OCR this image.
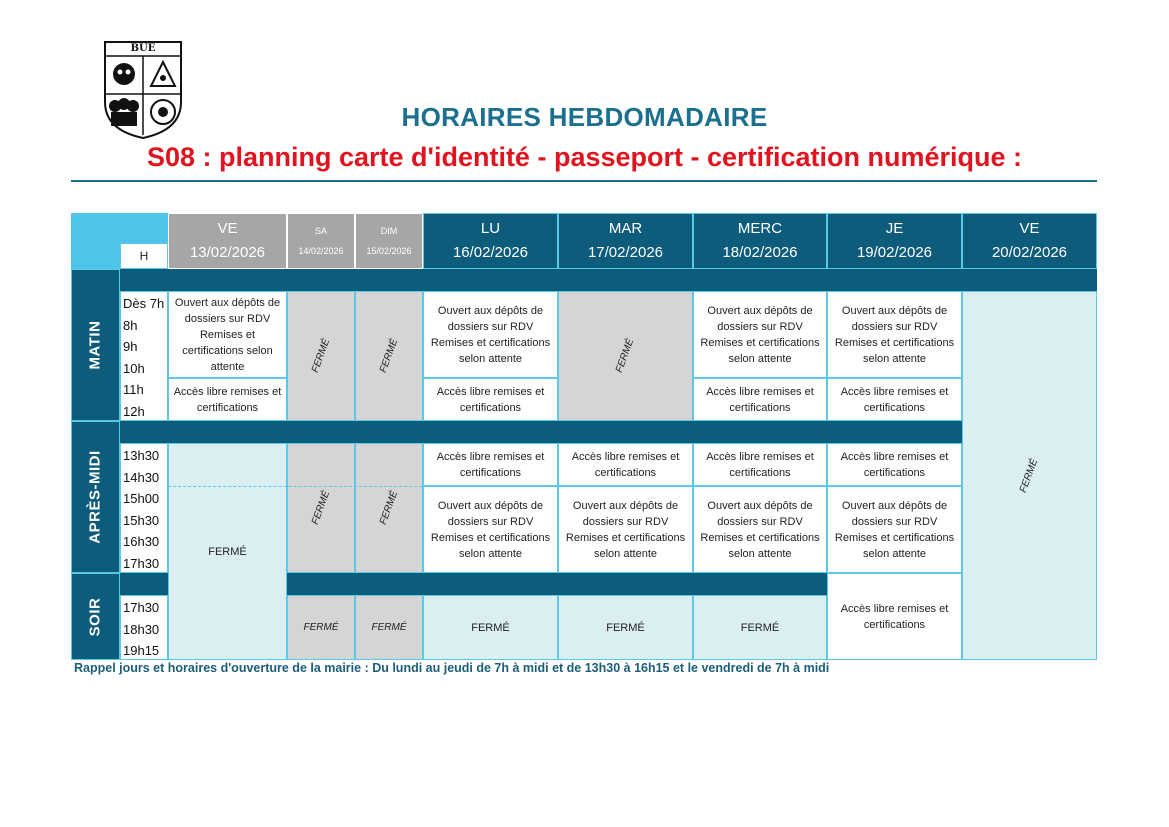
BUÉ
HORAIRES HEBDOMADAIRE
S08 : planning carte d'identité - passeport - certification numérique :
H
VE
13/02/2026
SA
14/02/2026
DIM
15/02/2026
LU
16/02/2026
MAR
17/02/2026
MERC
18/02/2026
JE
19/02/2026
VE
20/02/2026
MATIN
APRÈS-MIDI
SOIR
Dès 7h
8h
9h
10h
11h
12h
13h30
14h30
15h00
15h30
16h30
17h30
17h30
18h30
19h15
Ouvert aux dépôts de dossiers sur RDV
Remises et certifications selon attente
Accès libre remises et certifications
FERMÉ
FERMÉ
FERMÉ
FERMÉ
FERMÉ
FERMÉ
FERMÉ
Ouvert aux dépôts de dossiers sur RDV
Remises et certifications selon attente
Accès libre remises et certifications
Accès libre remises et certifications
Ouvert aux dépôts de dossiers sur RDV
Remises et certifications selon attente
FERMÉ
FERMÉ
Accès libre remises et certifications
Ouvert aux dépôts de dossiers sur RDV
Remises et certifications selon attente
FERMÉ
Ouvert aux dépôts de dossiers sur RDV
Remises et certifications selon attente
Accès libre remises et certifications
Accès libre remises et certifications
Ouvert aux dépôts de dossiers sur RDV
Remises et certifications selon attente
FERMÉ
Ouvert aux dépôts de dossiers sur RDV
Remises et certifications selon attente
Accès libre remises et certifications
Accès libre remises et certifications
Ouvert aux dépôts de dossiers sur RDV
Remises et certifications selon attente
Accès libre remises et certifications
FERMÉ
Rappel jours et horaires d'ouverture de la mairie : Du lundi au jeudi de 7h à midi et de 13h30 à 16h15 et le vendredi de 7h à midi
